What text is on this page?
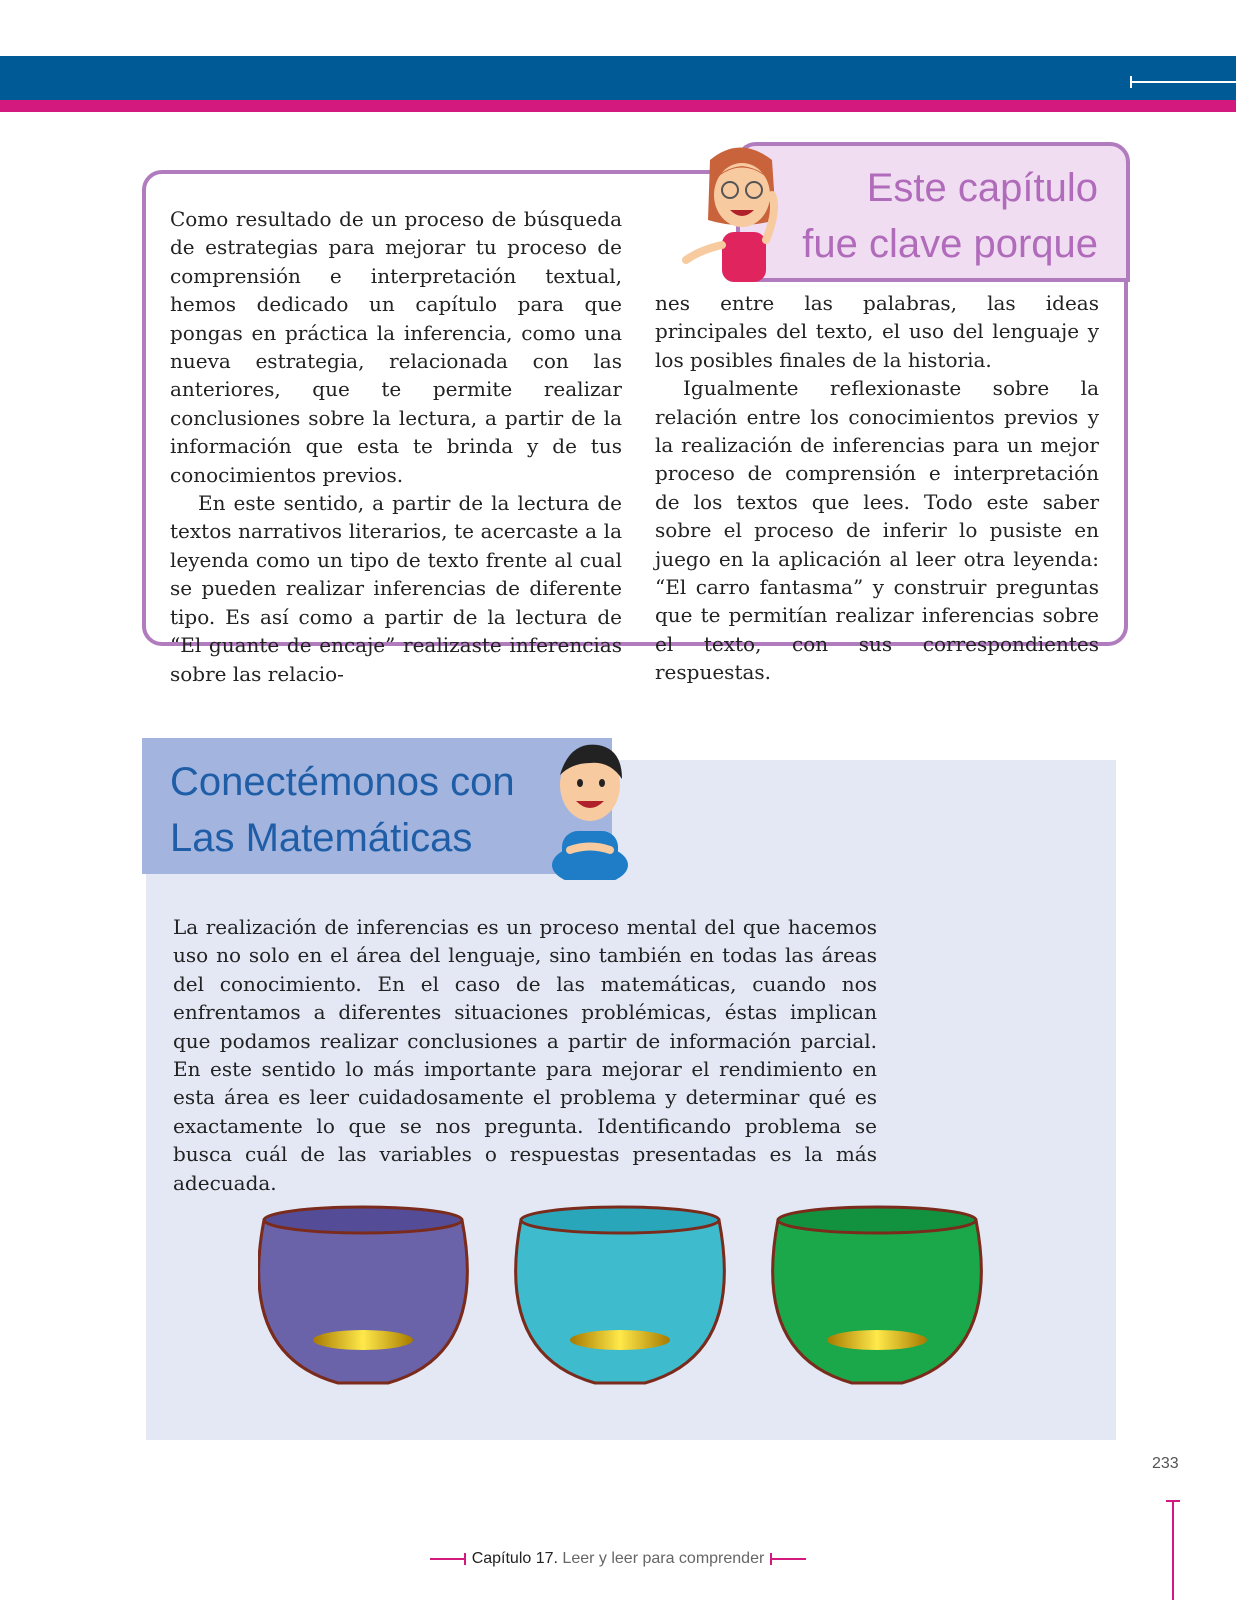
Este capítulo
fue clave porque

Como resultado de un proceso de búsqueda de estrategias para mejorar tu proceso de comprensión e interpretación textual, hemos dedicado un capítulo para que pongas en práctica la inferencia, como una nueva estrategia, relacionada con las anteriores, que te permite realizar conclusiones sobre la lectura, a partir de la información que esta te brinda y de tus conocimientos previos.

En este sentido, a partir de la lectura de textos narrativos literarios, te acercaste a la leyenda como un tipo de texto frente al cual se pueden realizar inferencias de diferente tipo. Es así como a partir de la lectura de “El guante de encaje” realizaste inferencias sobre las relacio-

nes entre las palabras, las ideas principales del texto, el uso del lenguaje y los posibles finales de la historia.

Igualmente reflexionaste sobre la relación entre los conocimientos previos y la realización de inferencias para un mejor proceso de comprensión e interpretación de los textos que lees. Todo este saber sobre el proceso de inferir lo pusiste en juego en la aplicación al leer otra leyenda: “El carro fantasma” y construir preguntas que te permitían realizar inferencias sobre el texto, con sus correspondientes respuestas.

Conectémonos con
Las Matemáticas
La realización de inferencias es un proceso mental del que hacemos uso no solo en el área del lenguaje, sino también en todas las áreas del conocimiento. En el caso de las matemáticas, cuando nos enfrentamos a diferentes situaciones problémicas, éstas implican que podamos realizar conclusiones a partir de información parcial. En este sentido lo más importante para mejorar el rendimiento en esta área es leer cuidadosamente el problema y determinar qué es exactamente lo que se nos pregunta. Identificando problema se busca cuál de las variables o respuestas presentadas es la más adecuada.
233
Capítulo 17. Leer y leer para comprender
